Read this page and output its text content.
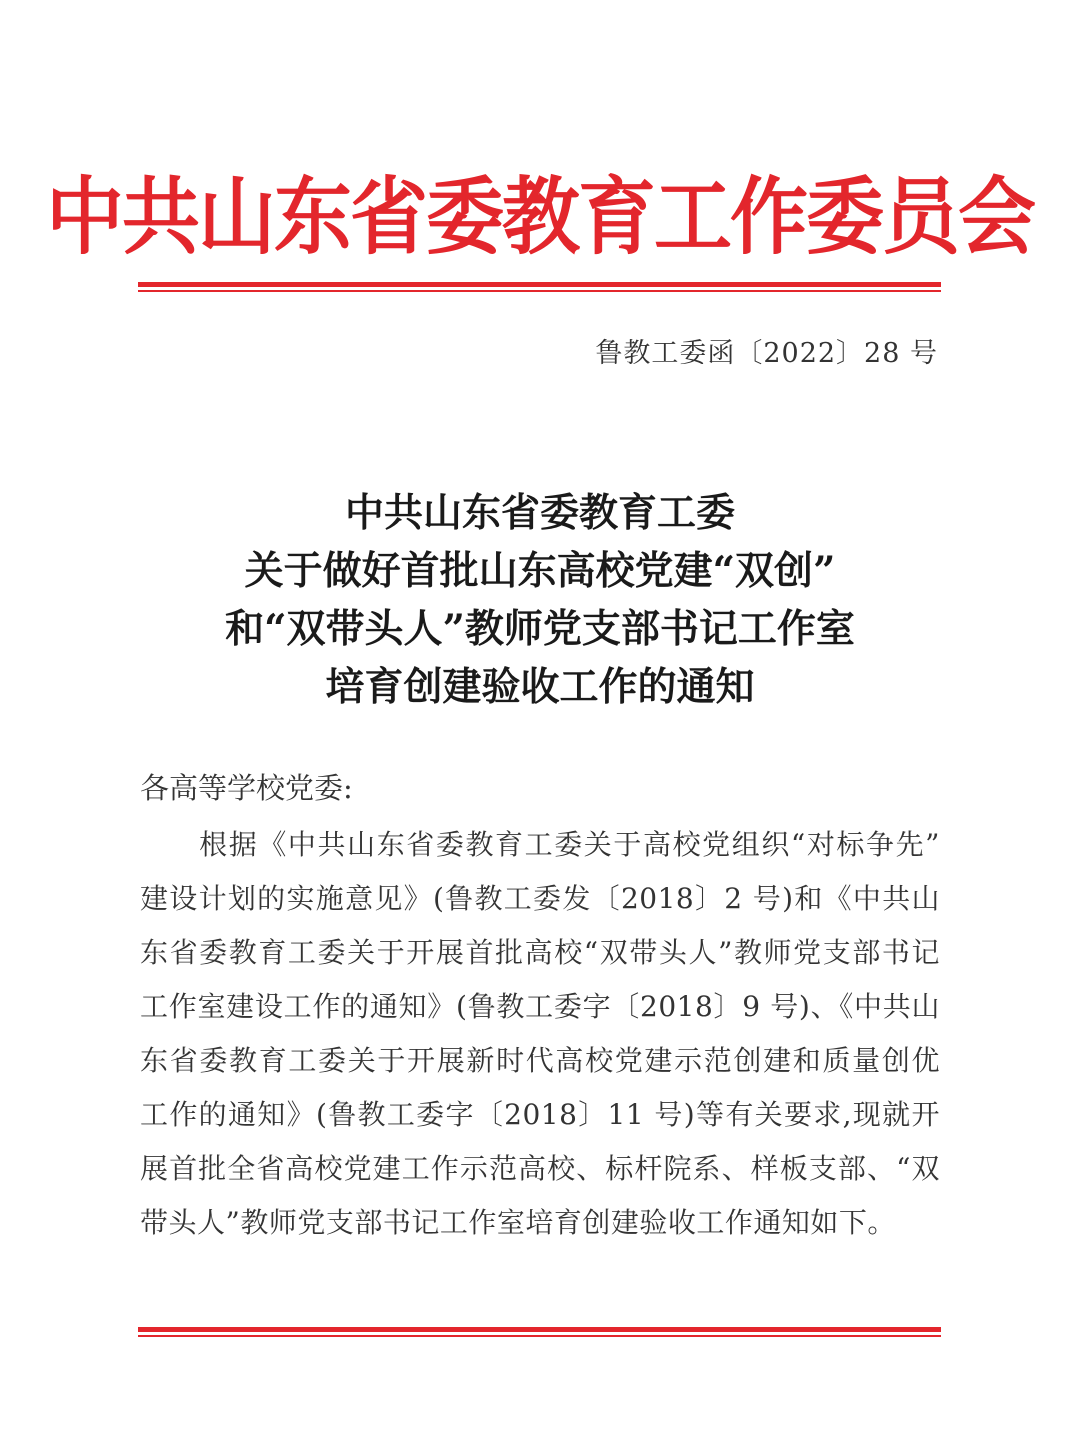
中共山东省委教育工作委员会
鲁教工委函〔2022〕28 号
中共山东省委教育工委
关于做好首批山东高校党建“双创”
和“双带头人”教师党支部书记工作室
培育创建验收工作的通知
各高等学校党委:
　　根据《中共山东省委教育工委关于高校党组织“对标争先”
建设计划的实施意见》(鲁教工委发〔2018〕2 号)和《中共山
东省委教育工委关于开展首批高校“双带头人”教师党支部书记
工作室建设工作的通知》(鲁教工委字〔2018〕9 号)、《中共山
东省委教育工委关于开展新时代高校党建示范创建和质量创优
工作的通知》(鲁教工委字〔2018〕11 号)等有关要求,现就开
展首批全省高校党建工作示范高校、标杆院系、样板支部、“双
带头人”教师党支部书记工作室培育创建验收工作通知如下。
